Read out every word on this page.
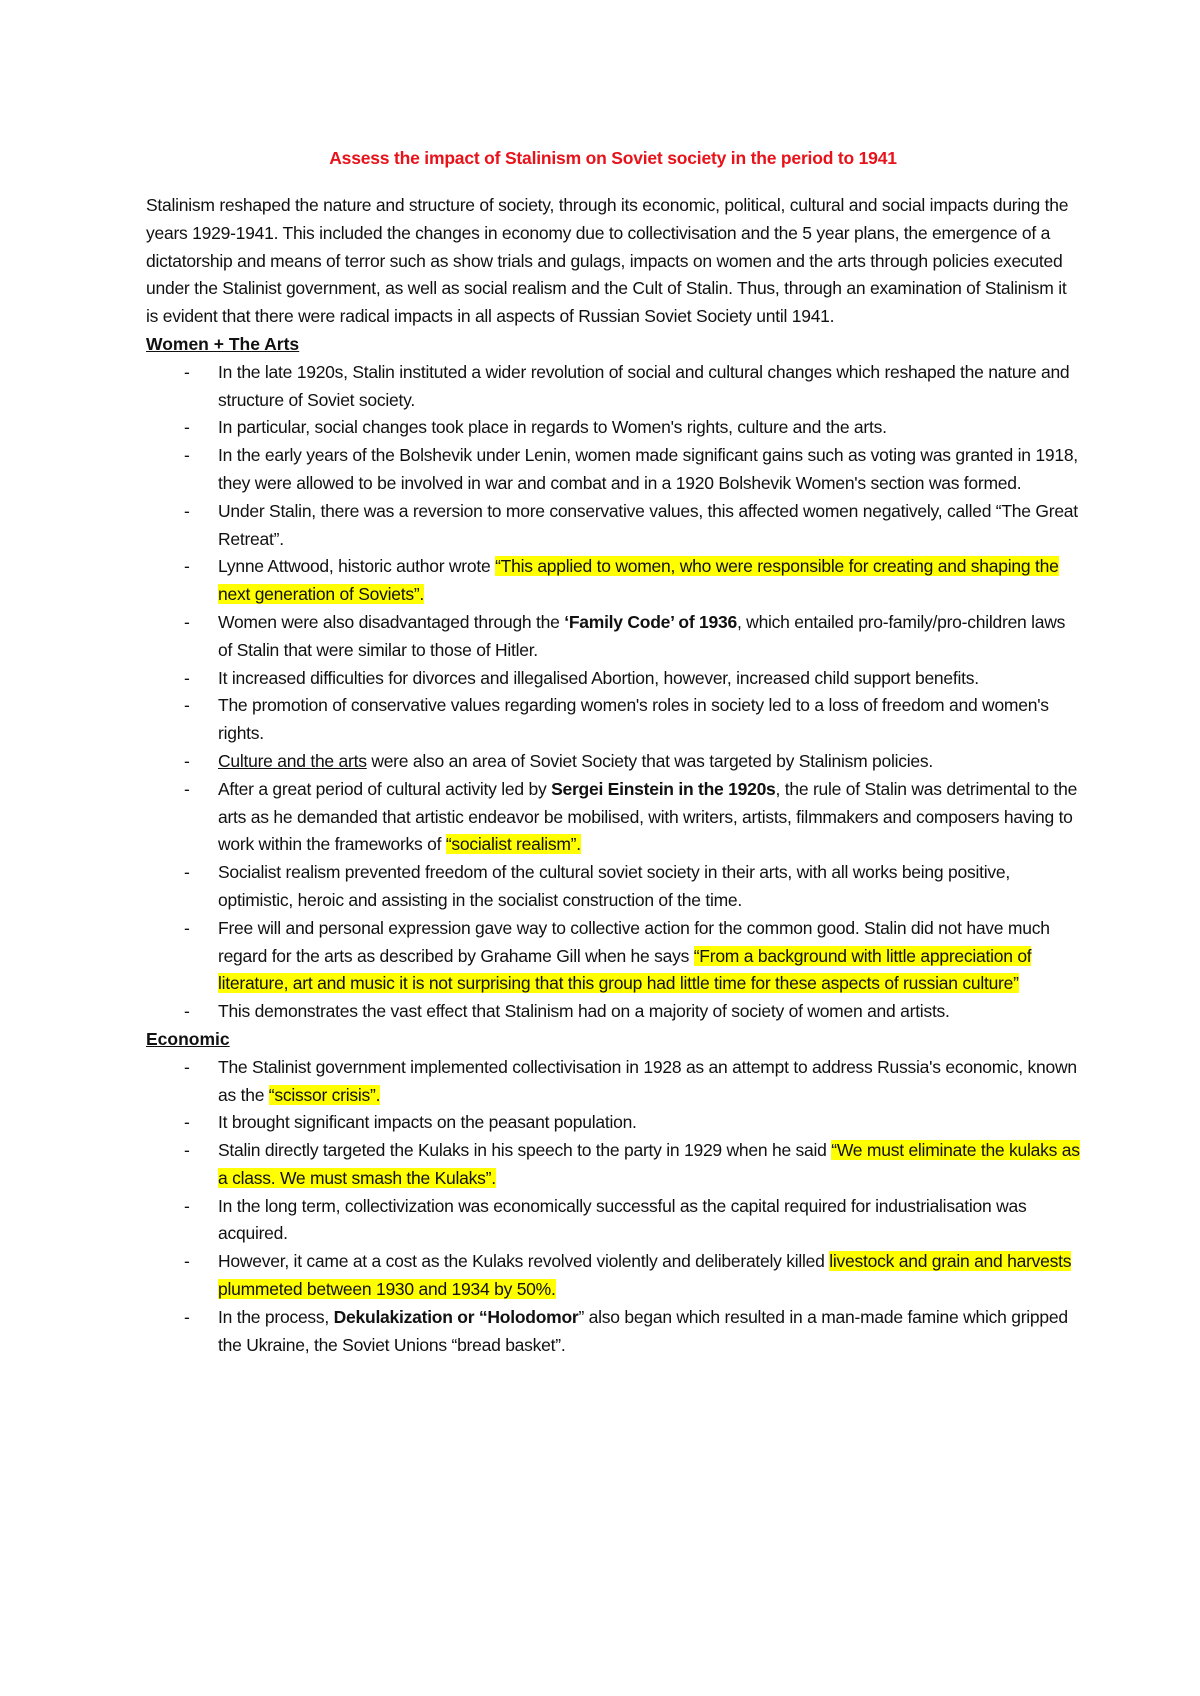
Assess the impact of Stalinism on Soviet society in the period to 1941

Stalinism reshaped the nature and structure of society, through its economic, political, cultural and social impacts during the years 1929-1941. This included the changes in economy due to collectivisation and the 5 year plans, the emergence of a dictatorship and means of terror such as show trials and gulags, impacts on women and the arts through policies executed under the Stalinist government, as well as social realism and the Cult of Stalin. Thus, through an examination of Stalinism it is evident that there were radical impacts in all aspects of Russian Soviet Society until 1941.

Women + The Arts
- In the late 1920s, Stalin instituted a wider revolution of social and cultural changes which reshaped the nature and structure of Soviet society.
- In particular, social changes took place in regards to Women's rights, culture and the arts.
- In the early years of the Bolshevik under Lenin, women made significant gains such as voting was granted in 1918, they were allowed to be involved in war and combat and in a 1920 Bolshevik Women's section was formed.
- Under Stalin, there was a reversion to more conservative values, this affected women negatively, called “The Great Retreat”.
- Lynne Attwood, historic author wrote “This applied to women, who were responsible for creating and shaping the next generation of Soviets”.
- Women were also disadvantaged through the ‘Family Code’ of 1936, which entailed pro-family/pro-children laws of Stalin that were similar to those of Hitler.
- It increased difficulties for divorces and illegalised Abortion, however, increased child support benefits.
- The promotion of conservative values regarding women's roles in society led to a loss of freedom and women's rights.
- Culture and the arts were also an area of Soviet Society that was targeted by Stalinism policies.
- After a great period of cultural activity led by Sergei Einstein in the 1920s, the rule of Stalin was detrimental to the arts as he demanded that artistic endeavor be mobilised, with writers, artists, filmmakers and composers having to work within the frameworks of “socialist realism”.
- Socialist realism prevented freedom of the cultural soviet society in their arts, with all works being positive, optimistic, heroic and assisting in the socialist construction of the time.
- Free will and personal expression gave way to collective action for the common good. Stalin did not have much regard for the arts as described by Grahame Gill when he says “From a background with little appreciation of literature, art and music it is not surprising that this group had little time for these aspects of russian culture”
- This demonstrates the vast effect that Stalinism had on a majority of society of women and artists.
Economic
- The Stalinist government implemented collectivisation in 1928 as an attempt to address Russia's economic, known as the “scissor crisis”.
- It brought significant impacts on the peasant population.
- Stalin directly targeted the Kulaks in his speech to the party in 1929 when he said “We must eliminate the kulaks as a class. We must smash the Kulaks”.
- In the long term, collectivization was economically successful as the capital required for industrialisation was acquired.
- However, it came at a cost as the Kulaks revolved violently and deliberately killed livestock and grain and harvests plummeted between 1930 and 1934 by 50%.
- In the process, Dekulakization or “Holodomor” also began which resulted in a man-made famine which gripped the Ukraine, the Soviet Unions “bread basket”.
